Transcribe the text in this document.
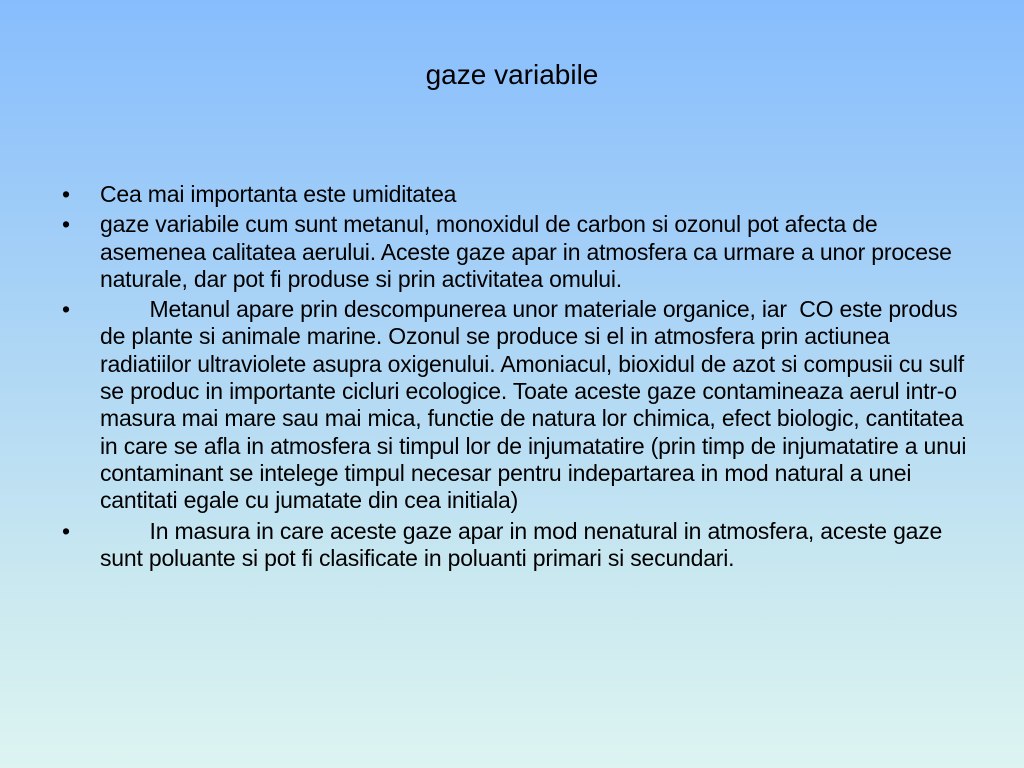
gaze variabile
• Cea mai importanta este umiditatea
• gaze variabile cum sunt metanul, monoxidul de carbon si ozonul pot afecta de asemenea calitatea aerului. Aceste gaze apar in atmosfera ca urmare a unor procese naturale, dar pot fi produse si prin activitatea omului.
•	Metanul apare prin descompunerea unor materiale organice, iar  CO este produs de plante si animale marine. Ozonul se produce si el in atmosfera prin actiunea radiatiilor ultraviolete asupra oxigenului. Amoniacul, bioxidul de azot si compusii cu sulf se produc in importante cicluri ecologice. Toate aceste gaze contamineaza aerul intr-o masura mai mare sau mai mica, functie de natura lor chimica, efect biologic, cantitatea in care se afla in atmosfera si timpul lor de injumatatire (prin timp de injumatatire a unui contaminant se intelege timpul necesar pentru indepartarea in mod natural a unei cantitati egale cu jumatate din cea initiala)
•	In masura in care aceste gaze apar in mod nenatural in atmosfera, aceste gaze sunt poluante si pot fi clasificate in poluanti primari si secundari.
